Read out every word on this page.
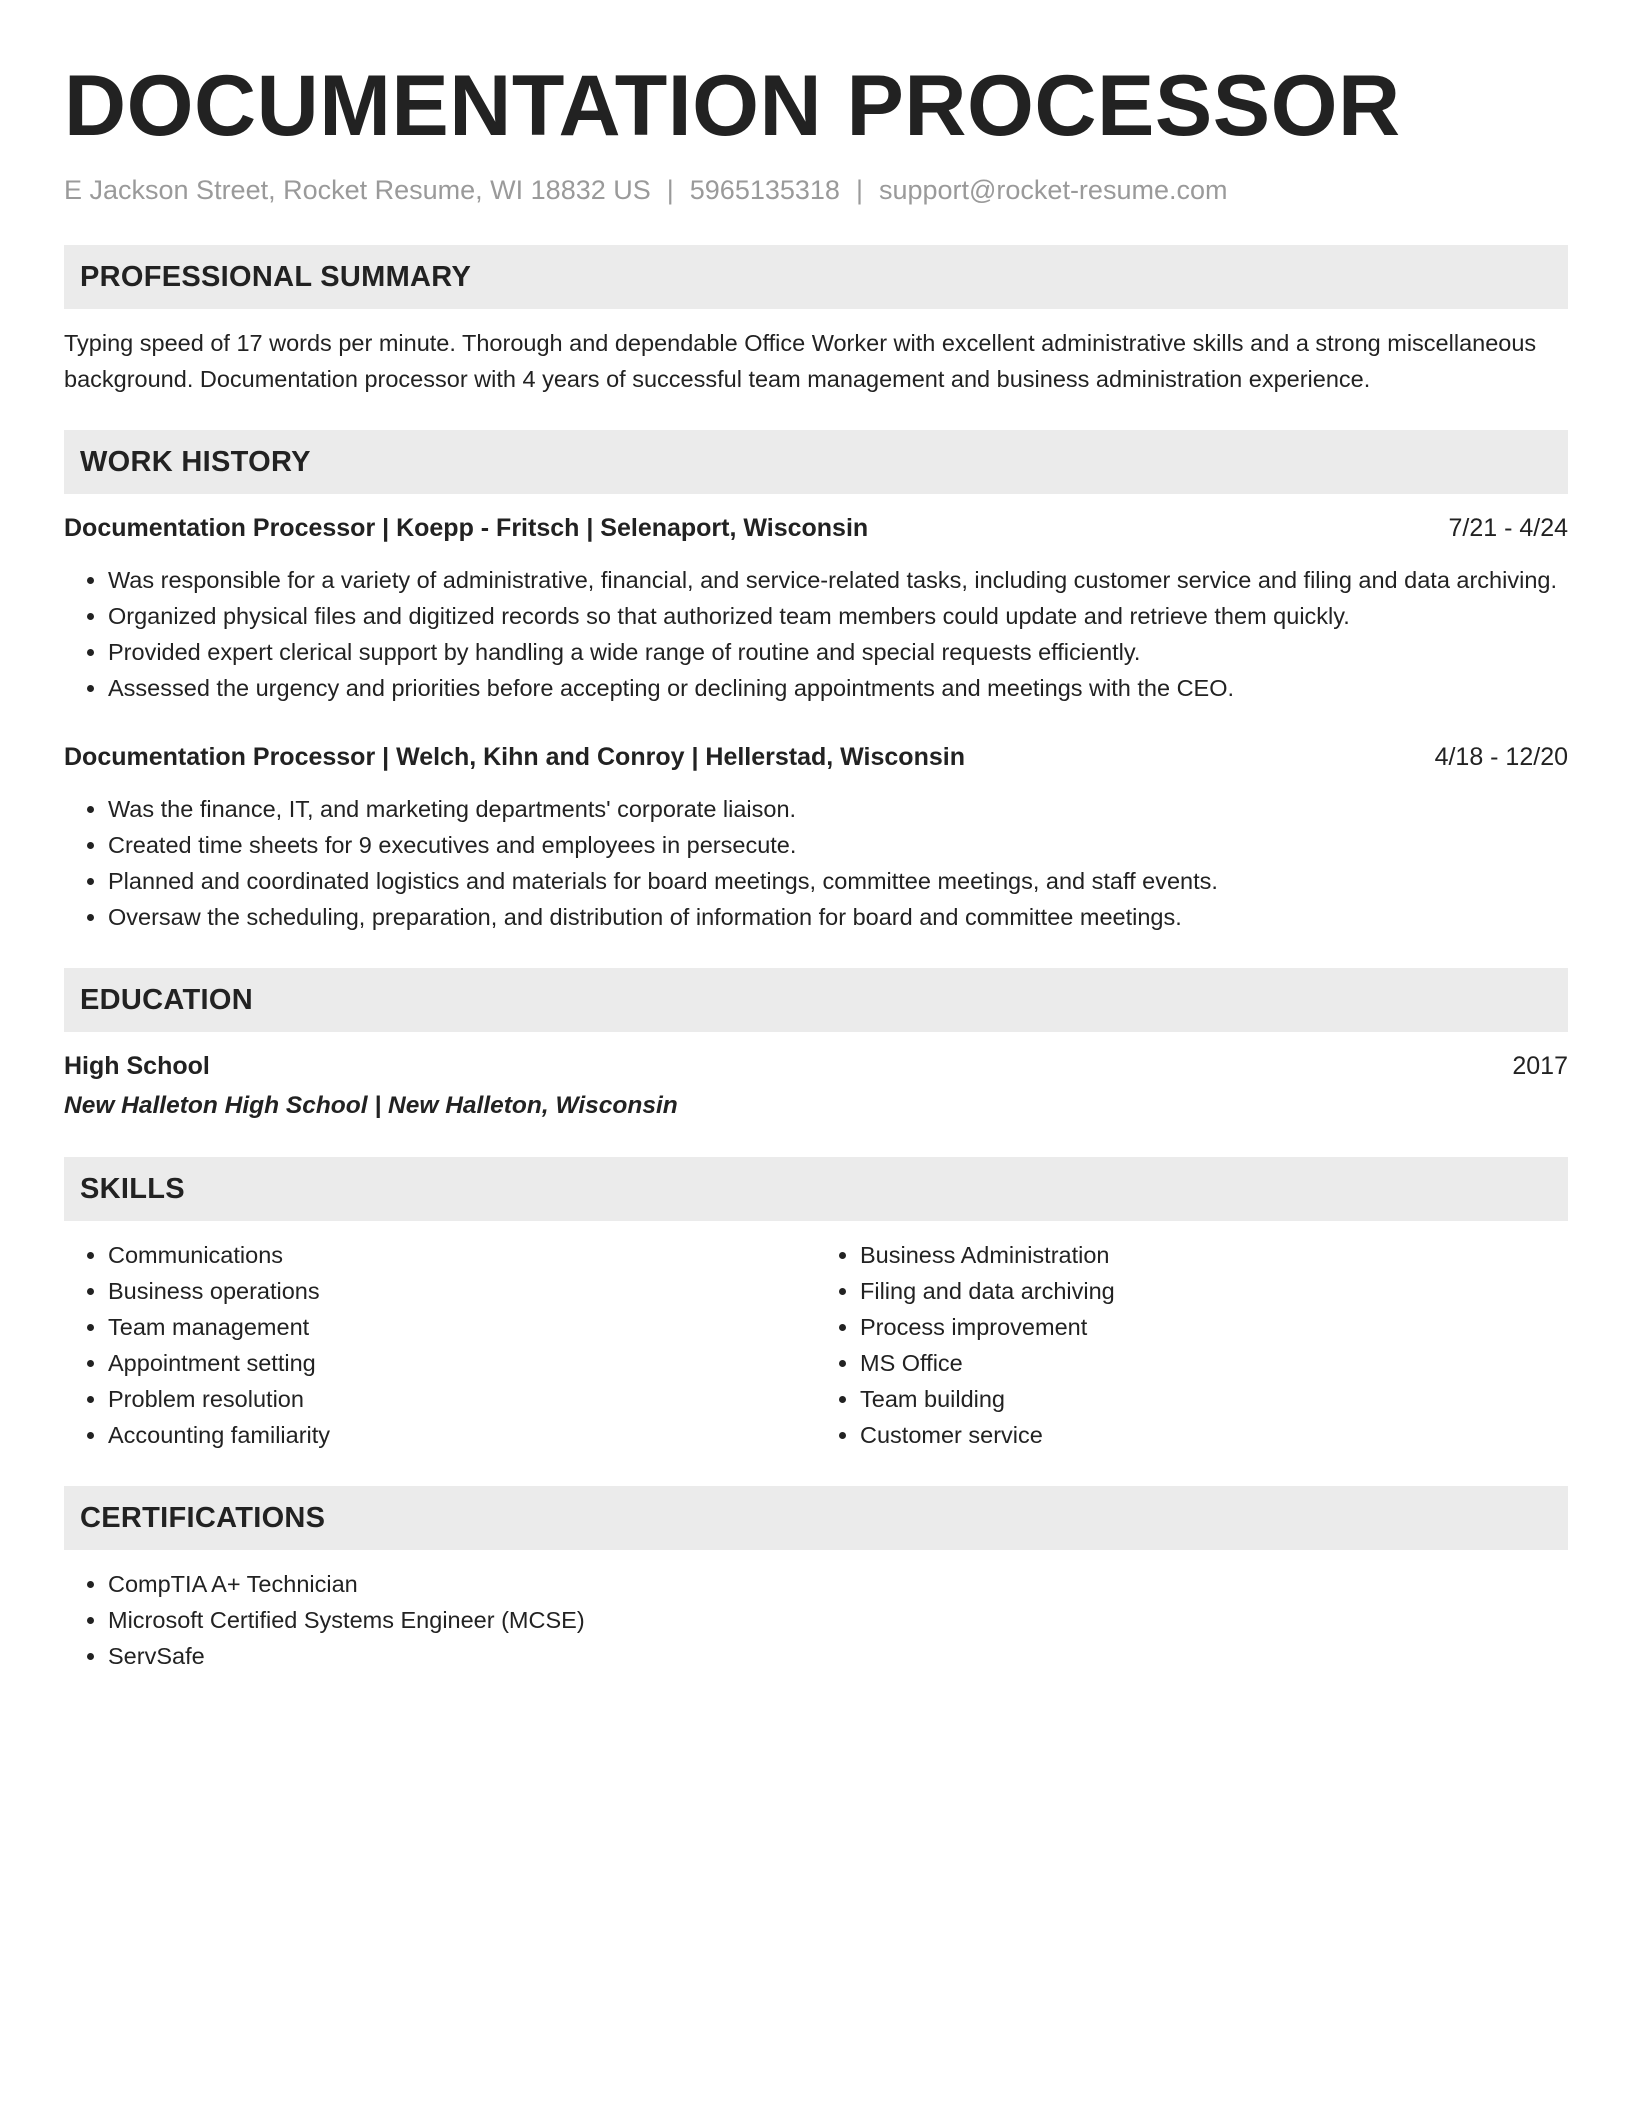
DOCUMENTATION PROCESSOR
E Jackson Street, Rocket Resume, WI 18832 US | 5965135318 | support@rocket-resume.com
PROFESSIONAL SUMMARY
Typing speed of 17 words per minute. Thorough and dependable Office Worker with excellent administrative skills and a strong miscellaneous background. Documentation processor with 4 years of successful team management and business administration experience.
WORK HISTORY
Documentation Processor | Koepp - Fritsch | Selenaport, Wisconsin	7/21 - 4/24
• Was responsible for a variety of administrative, financial, and service-related tasks, including customer service and filing and data archiving.
• Organized physical files and digitized records so that authorized team members could update and retrieve them quickly.
• Provided expert clerical support by handling a wide range of routine and special requests efficiently.
• Assessed the urgency and priorities before accepting or declining appointments and meetings with the CEO.
Documentation Processor | Welch, Kihn and Conroy | Hellerstad, Wisconsin	4/18 - 12/20
• Was the finance, IT, and marketing departments' corporate liaison.
• Created time sheets for 9 executives and employees in persecute.
• Planned and coordinated logistics and materials for board meetings, committee meetings, and staff events.
• Oversaw the scheduling, preparation, and distribution of information for board and committee meetings.
EDUCATION
High School	2017
New Halleton High School | New Halleton, Wisconsin
SKILLS
• Communications
• Business operations
• Team management
• Appointment setting
• Problem resolution
• Accounting familiarity
• Business Administration
• Filing and data archiving
• Process improvement
• MS Office
• Team building
• Customer service
CERTIFICATIONS
• CompTIA A+ Technician
• Microsoft Certified Systems Engineer (MCSE)
• ServSafe
